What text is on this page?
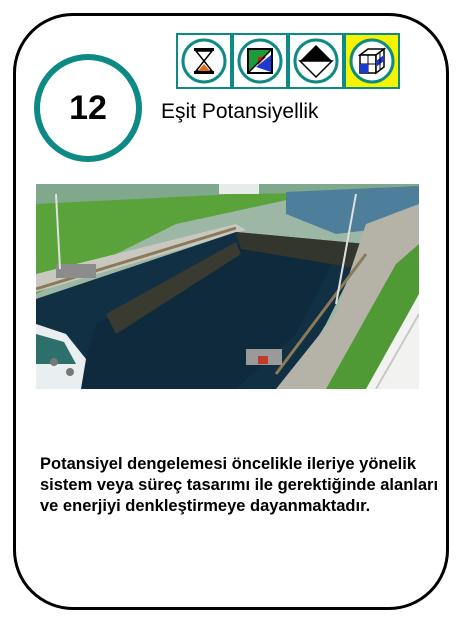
12	Eşit Potansiyellik
Potansiyel dengelemesi öncelikle ileriye yönelik sistem veya süreç tasarımı ile gerektiğinde alanları ve enerjiyi denkleştirmeye dayanmaktadır.
